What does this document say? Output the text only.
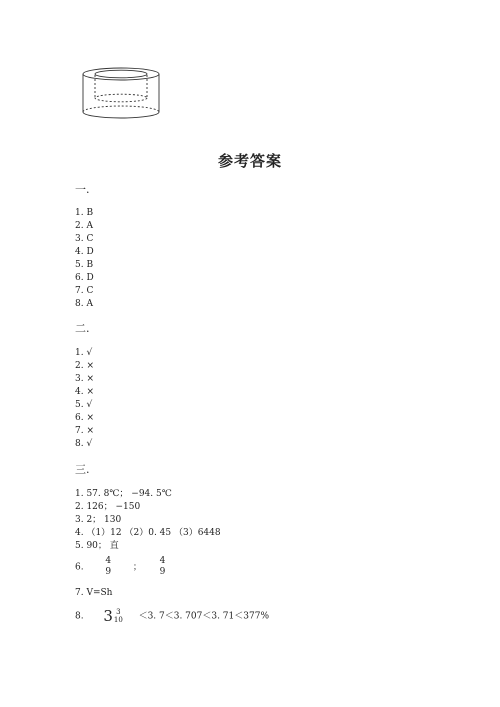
参考答案
一.
1. B
2. A
3. C
4. D
5. B
6. D
7. C
8. A
二.
1. √
2. ×
3. ×
4. ×
5. √
6. ×
7. ×
8. √
三.
1. 57. 8℃； −94. 5℃
2. 126； −150
3. 2； 130
4. （1）12 （2）0. 45 （3）6448
5. 90； 直
6.
4
9 ；
4
9
7. V=Sh
8. 3 3
10 ＜3. 7＜3. 707＜3. 71＜377%
